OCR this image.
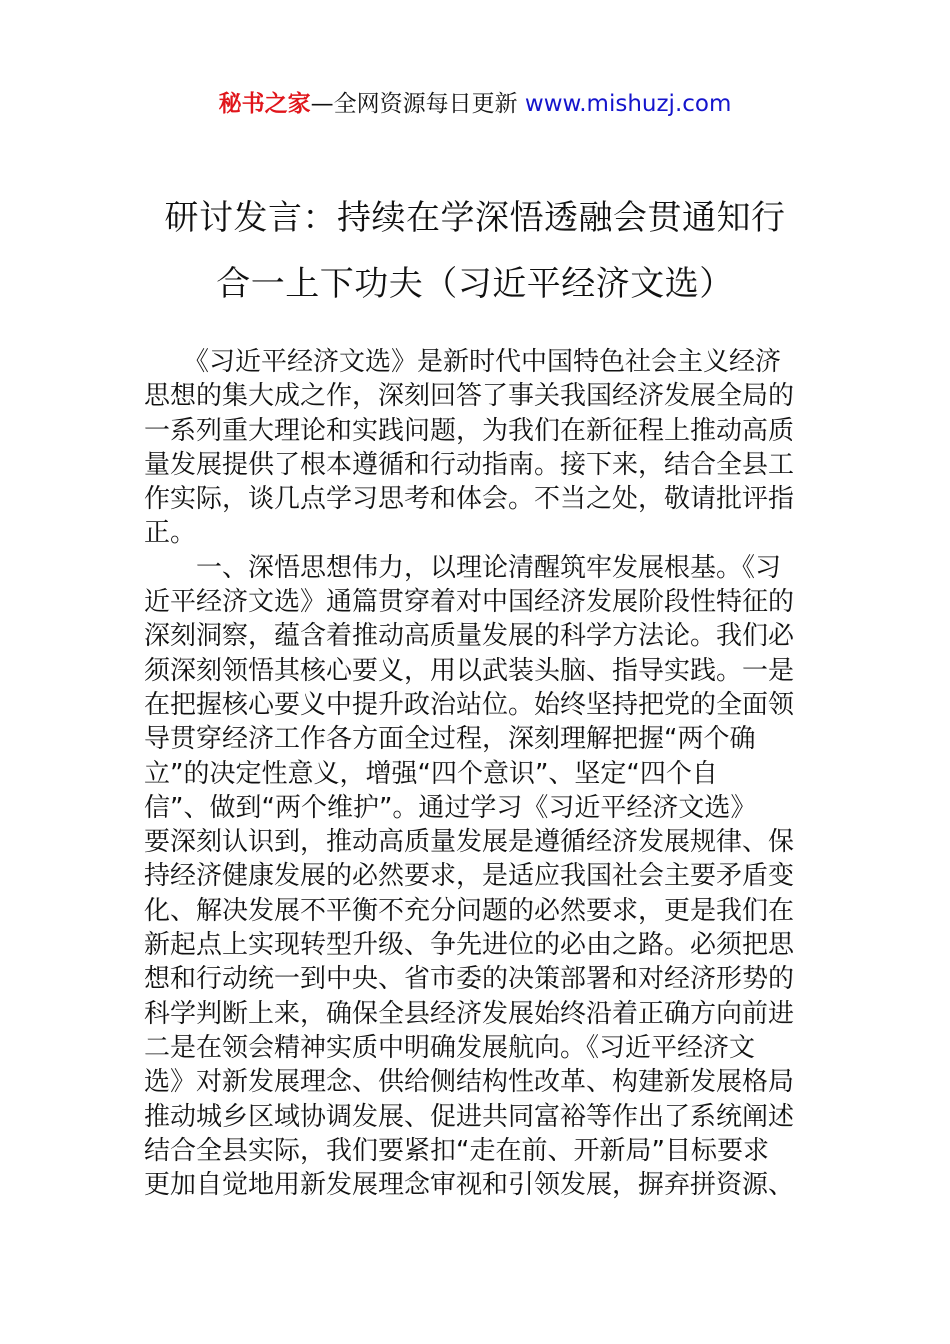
秘书之家—全网资源每日更新 www.mishuzj.com
研讨发言：持续在学深悟透融会贯通知行
合一上下功夫（习近平经济文选）
　　《习近平经济文选》是新时代中国特色社会主义经济
思想的集大成之作，深刻回答了事关我国经济发展全局的
一系列重大理论和实践问题，为我们在新征程上推动高质
量发展提供了根本遵循和行动指南。接下来，结合全县工
作实际，谈几点学习思考和体会。不当之处，敬请批评指
正。
　　一、深悟思想伟力，以理论清醒筑牢发展根基。《习
近平经济文选》通篇贯穿着对中国经济发展阶段性特征的
深刻洞察，蕴含着推动高质量发展的科学方法论。我们必
须深刻领悟其核心要义，用以武装头脑、指导实践。一是
在把握核心要义中提升政治站位。始终坚持把党的全面领
导贯穿经济工作各方面全过程，深刻理解把握“两个确
立”的决定性意义，增强“四个意识”、坚定“四个自
信”、做到“两个维护”。通过学习《习近平经济文选》
要深刻认识到，推动高质量发展是遵循经济发展规律、保
持经济健康发展的必然要求，是适应我国社会主要矛盾变
化、解决发展不平衡不充分问题的必然要求，更是我们在
新起点上实现转型升级、争先进位的必由之路。必须把思
想和行动统一到中央、省市委的决策部署和对经济形势的
科学判断上来，确保全县经济发展始终沿着正确方向前进
二是在领会精神实质中明确发展航向。《习近平经济文
选》对新发展理念、供给侧结构性改革、构建新发展格局
推动城乡区域协调发展、促进共同富裕等作出了系统阐述
结合全县实际，我们要紧扣“走在前、开新局”目标要求
更加自觉地用新发展理念审视和引领发展，摒弃拼资源、
